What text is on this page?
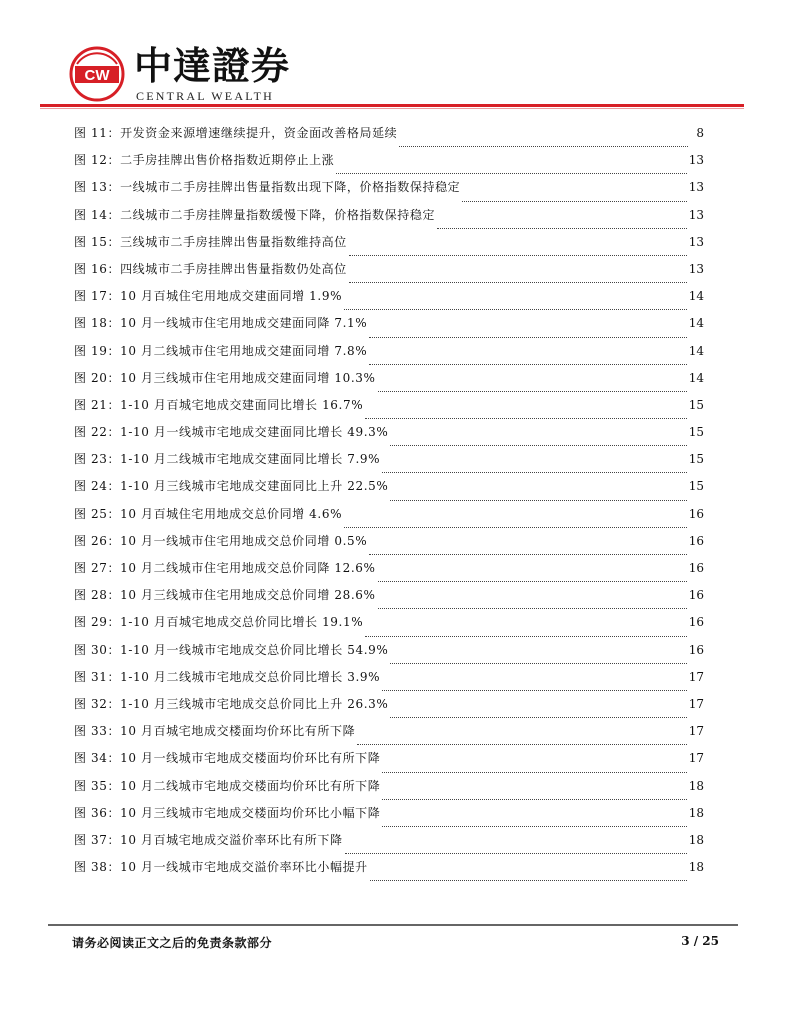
CW 中達證券
CENTRAL WEALTH
图 11：开发资金来源增速继续提升，资金面改善格局延续	8
图 12：二手房挂牌出售价格指数近期停止上涨	13
图 13：一线城市二手房挂牌出售量指数出现下降，价格指数保持稳定	13
图 14：二线城市二手房挂牌量指数缓慢下降，价格指数保持稳定	13
图 15：三线城市二手房挂牌出售量指数维持高位	13
图 16：四线城市二手房挂牌出售量指数仍处高位	13
图 17：10 月百城住宅用地成交建面同增 1.9%	14
图 18：10 月一线城市住宅用地成交建面同降 7.1%	14
图 19：10 月二线城市住宅用地成交建面同增 7.8%	14
图 20：10 月三线城市住宅用地成交建面同增 10.3%	14
图 21：1-10 月百城宅地成交建面同比增长 16.7%	15
图 22：1-10 月一线城市宅地成交建面同比增长 49.3%	15
图 23：1-10 月二线城市宅地成交建面同比增长 7.9%	15
图 24：1-10 月三线城市宅地成交建面同比上升 22.5%	15
图 25：10 月百城住宅用地成交总价同增 4.6%	16
图 26：10 月一线城市住宅用地成交总价同增 0.5%	16
图 27：10 月二线城市住宅用地成交总价同降 12.6%	16
图 28：10 月三线城市住宅用地成交总价同增 28.6%	16
图 29：1-10 月百城宅地成交总价同比增长 19.1%	16
图 30：1-10 月一线城市宅地成交总价同比增长 54.9%	16
图 31：1-10 月二线城市宅地成交总价同比增长 3.9%	17
图 32：1-10 月三线城市宅地成交总价同比上升 26.3%	17
图 33：10 月百城宅地成交楼面均价环比有所下降	17
图 34：10 月一线城市宅地成交楼面均价环比有所下降	17
图 35：10 月二线城市宅地成交楼面均价环比有所下降	18
图 36：10 月三线城市宅地成交楼面均价环比小幅下降	18
图 37：10 月百城宅地成交溢价率环比有所下降	18
图 38：10 月一线城市宅地成交溢价率环比小幅提升	18
请务必阅读正文之后的免责条款部分	3 / 25
